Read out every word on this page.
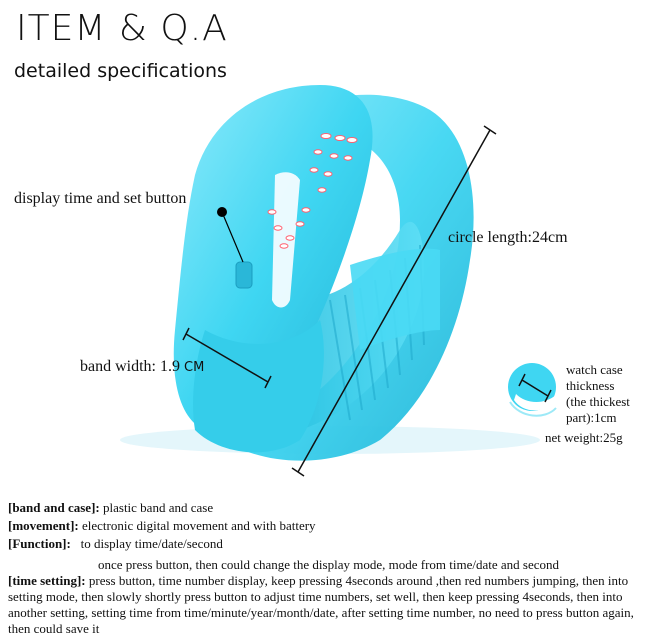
ITEM & Q.A
detailed specifications
display time and set button
circle length:24cm
band width: 1.9 CM	watch case
thickness
(the thickest
part):1cm
net weight:25g
[band and case]: plastic band and case
[movement]: electronic digital movement and with battery
[Function]:   to display time/date/second
once press button, then could change the display mode, mode from time/date and second
[time setting]: press button, time number display, keep pressing 4seconds around ,then red numbers jumping, then into setting mode, then slowly shortly press button to adjust time numbers, set well, then keep pressing 4seconds, then into another setting, setting time from time/minute/year/month/date, after setting time number, no need to press button again, then could save it
